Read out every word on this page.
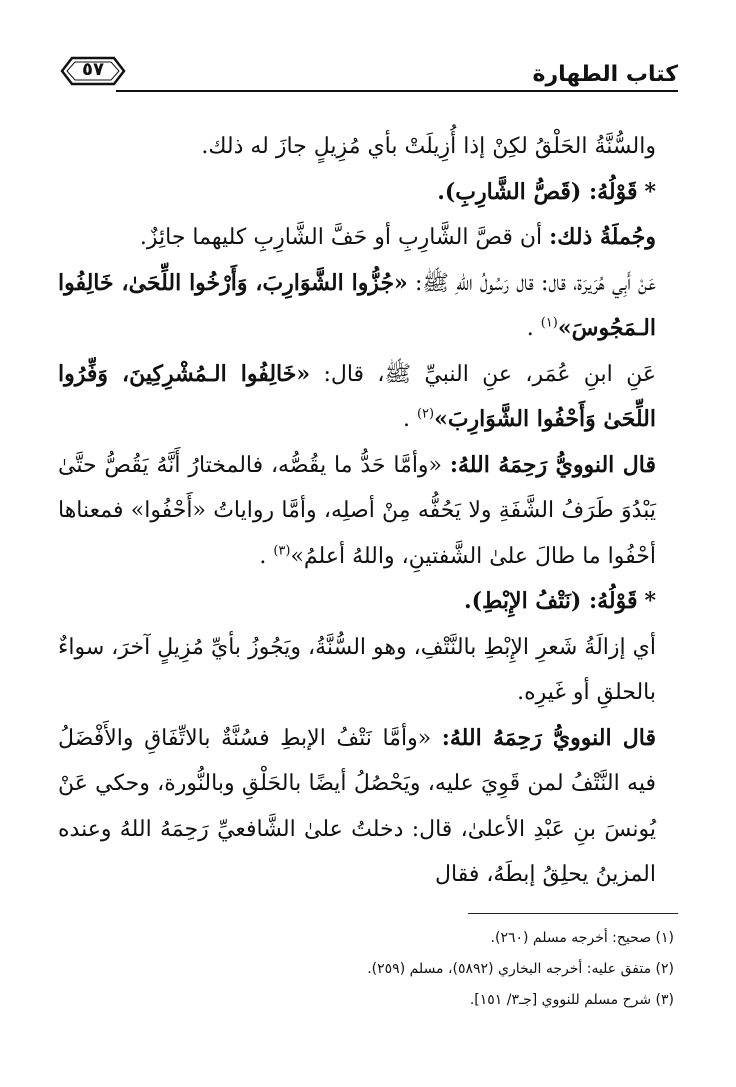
كتاب الطهارة
٥٧

والسُّنَّةُ الحَلْقُ لكِنْ إذا أُزِيلَتْ بأي مُزِيلٍ جازَ له ذلك.

* قَوْلُهُ: (قَصُّ الشَّارِبِ).

وجُملَةُ ذلك: أن قصَّ الشَّارِبِ أو حَفَّ الشَّارِبِ كليهما جائِزٌ.

عَنْ أَبِي هُرَيرَة، قال: قال رَسُولُ اللهِ ﷺ: «جُزُّوا الشَّوَارِبَ، وَأَرْخُوا اللِّحَىٰ، خَالِفُوا الـمَجُوسَ»$^{(١)}$ .

عَنِ ابنِ عُمَر، عنِ النبيِّ ﷺ، قال: «خَالِفُوا الـمُشْرِكِينَ، وَفِّرُوا اللِّحَىٰ وَأَحْفُوا الشَّوَارِبَ»$^{(٢)}$ .

قال النوويُّ رَحِمَهُ اللهُ: «وأمَّا حَدُّ ما يقُصُّه، فالمختارُ أَنَّهُ يَقُصُّ حتَّىٰ يَبْدُوَ طَرَفُ الشَّفَةِ ولا يَحُفُّه مِنْ أصلِه، وأمَّا رواياتُ «أَحْفُوا» فمعناها أحْفُوا ما طالَ علىٰ الشَّفتينِ، واللهُ أعلمُ»$^{(٣)}$ .

* قَوْلُهُ: (نَتْفُ الإِبْطِ).

أي إزالَةُ شَعرِ الإِبْطِ بالنَّتْفِ، وهو السُّنَّةُ، ويَجُوزُ بأيِّ مُزِيلٍ آخرَ، سواءٌ بالحلقِ أو غَيرِه.

قال النوويُّ رَحِمَهُ اللهُ: «وأمَّا نَتْفُ الإبطِ فسُنَّةٌ بالاتِّفَاقِ والأَفْضَلُ فيه النَّتْفُ لمن قَوِيَ عليه، ويَحْصُلُ أيضًا بالحَلْقِ وبالنُّورة، وحكي عَنْ يُونسَ بنِ عَبْدِ الأعلىٰ، قال: دخلتُ علىٰ الشَّافعيِّ رَحِمَهُ اللهُ وعنده المزينُ يحلِقُ إبطَهُ، فقال

(١) صحيح: أخرجه مسلم (٢٦٠).
(٢) متفق عليه: أخرجه البخاري (٥٨٩٢)، مسلم (٢٥٩).
(٣) شرح مسلم للنووي [جـ٣/ ١٥١].
